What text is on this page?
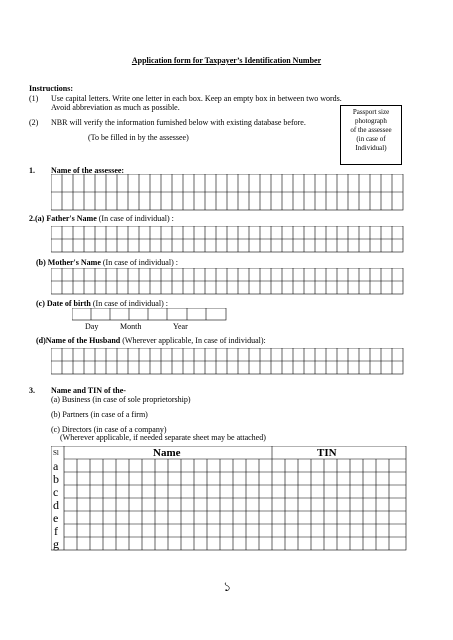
Application form for Taxpayer’s Identification Number
Instructions:
(1) Use capital letters. Write one letter in each box. Keep an empty box in between two words.
Avoid abbreviation as much as possible.
(2) NBR will verify the information furnished below with existing database before.
(To be filled in by the assessee)
Passport size
photograph
of the assessee
(in case of
Individual)
1. Name of the assessee:
2.(a) Father's Name (In case of individual) :
(b) Mother's Name (In case of individual) :
(c) Date of birth (In case of individual) :
Day	Month	Year
(d)Name of the Husband (Wherever applicable, In case of individual):
3. Name and TIN of the-
(a) Business (in case of sole proprietorship)
(b) Partners (in case of a firm)
(c) Directors (in case of a company)
(Wherever applicable, if needed separate sheet may be attached)
Sl	Name	TIN
a
b
c
d
e
f
g
১
